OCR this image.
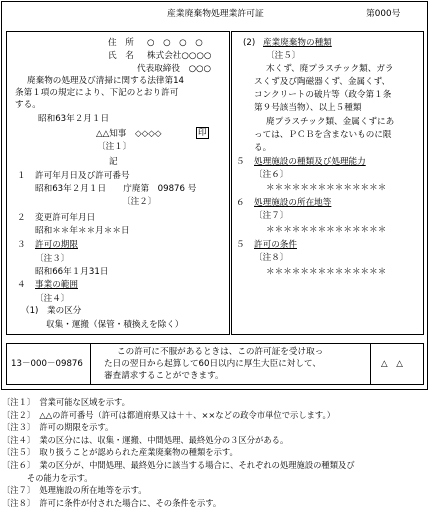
産業廃棄物処理業許可証	第000号
住　所 ○　○　○　○
氏　名 株式会社○○○○
代表取締役　○○○
廃棄物の処理及び清掃に関する法律第14
条第１項の規定により、下記のとおり許可
する。
昭和63年２月１日
△△知事　◇◇◇◇	印
〔注１〕
記
１ 許可年月日及び許可番号
昭和63年２月１日　　庁廃第　09876 号
〔注２〕
２ 変更許可年月日
昭和＊＊年＊＊月＊＊日
３ 許可の期限
〔注３〕
昭和66年１月31日
４ 事業の範囲
〔注４〕
（1)　業の区分
収集・運搬（保管・積換えを除く）
(2) 産業廃棄物の種類
〔注５〕
木くず、廃プラスチック類、ガラ
スくず及び陶磁器くず、金属くず、
コンクリートの破片等（政令第１条
第９号該当物）、以上５種類
廃プラスチック類、金属くずにあ
っては、ＰＣＢを含まないものに限
る。
５ 処理施設の種類及び処理能力
〔注６〕
＊＊＊＊＊＊＊＊＊＊＊＊＊＊
６ 処理施設の所在地等
〔注７〕
＊＊＊＊＊＊＊＊＊＊＊＊＊＊
５ 許可の条件
〔注８〕
＊＊＊＊＊＊＊＊＊＊＊＊＊＊
13－000－09876
この許可に不服があるときは、この許可証を受け取っ
た日の翌日から起算して60日以内に厚生大臣に対して、
審査請求することができます。
△　△
〔注１〕　営業可能な区域を示す。
〔注２〕　△△の許可番号（許可は都道府県又は＋＋、××などの政令市単位で示します。）
〔注３〕　許可の期限を示す。
〔注４〕　業の区分には、収集・運搬、中間処理、最終処分の３区分がある。
〔注５〕　取り扱うことが認められた産業廃棄物の種類を示す。
〔注６〕　業の区分が、中間処理、最終処分に該当する場合に、それぞれの処理施設の種類及び
　　　その能力を示す。
〔注７〕　処理施設の所在地等を示す。
〔注８〕　許可に条件が付された場合に、その条件を示す。
